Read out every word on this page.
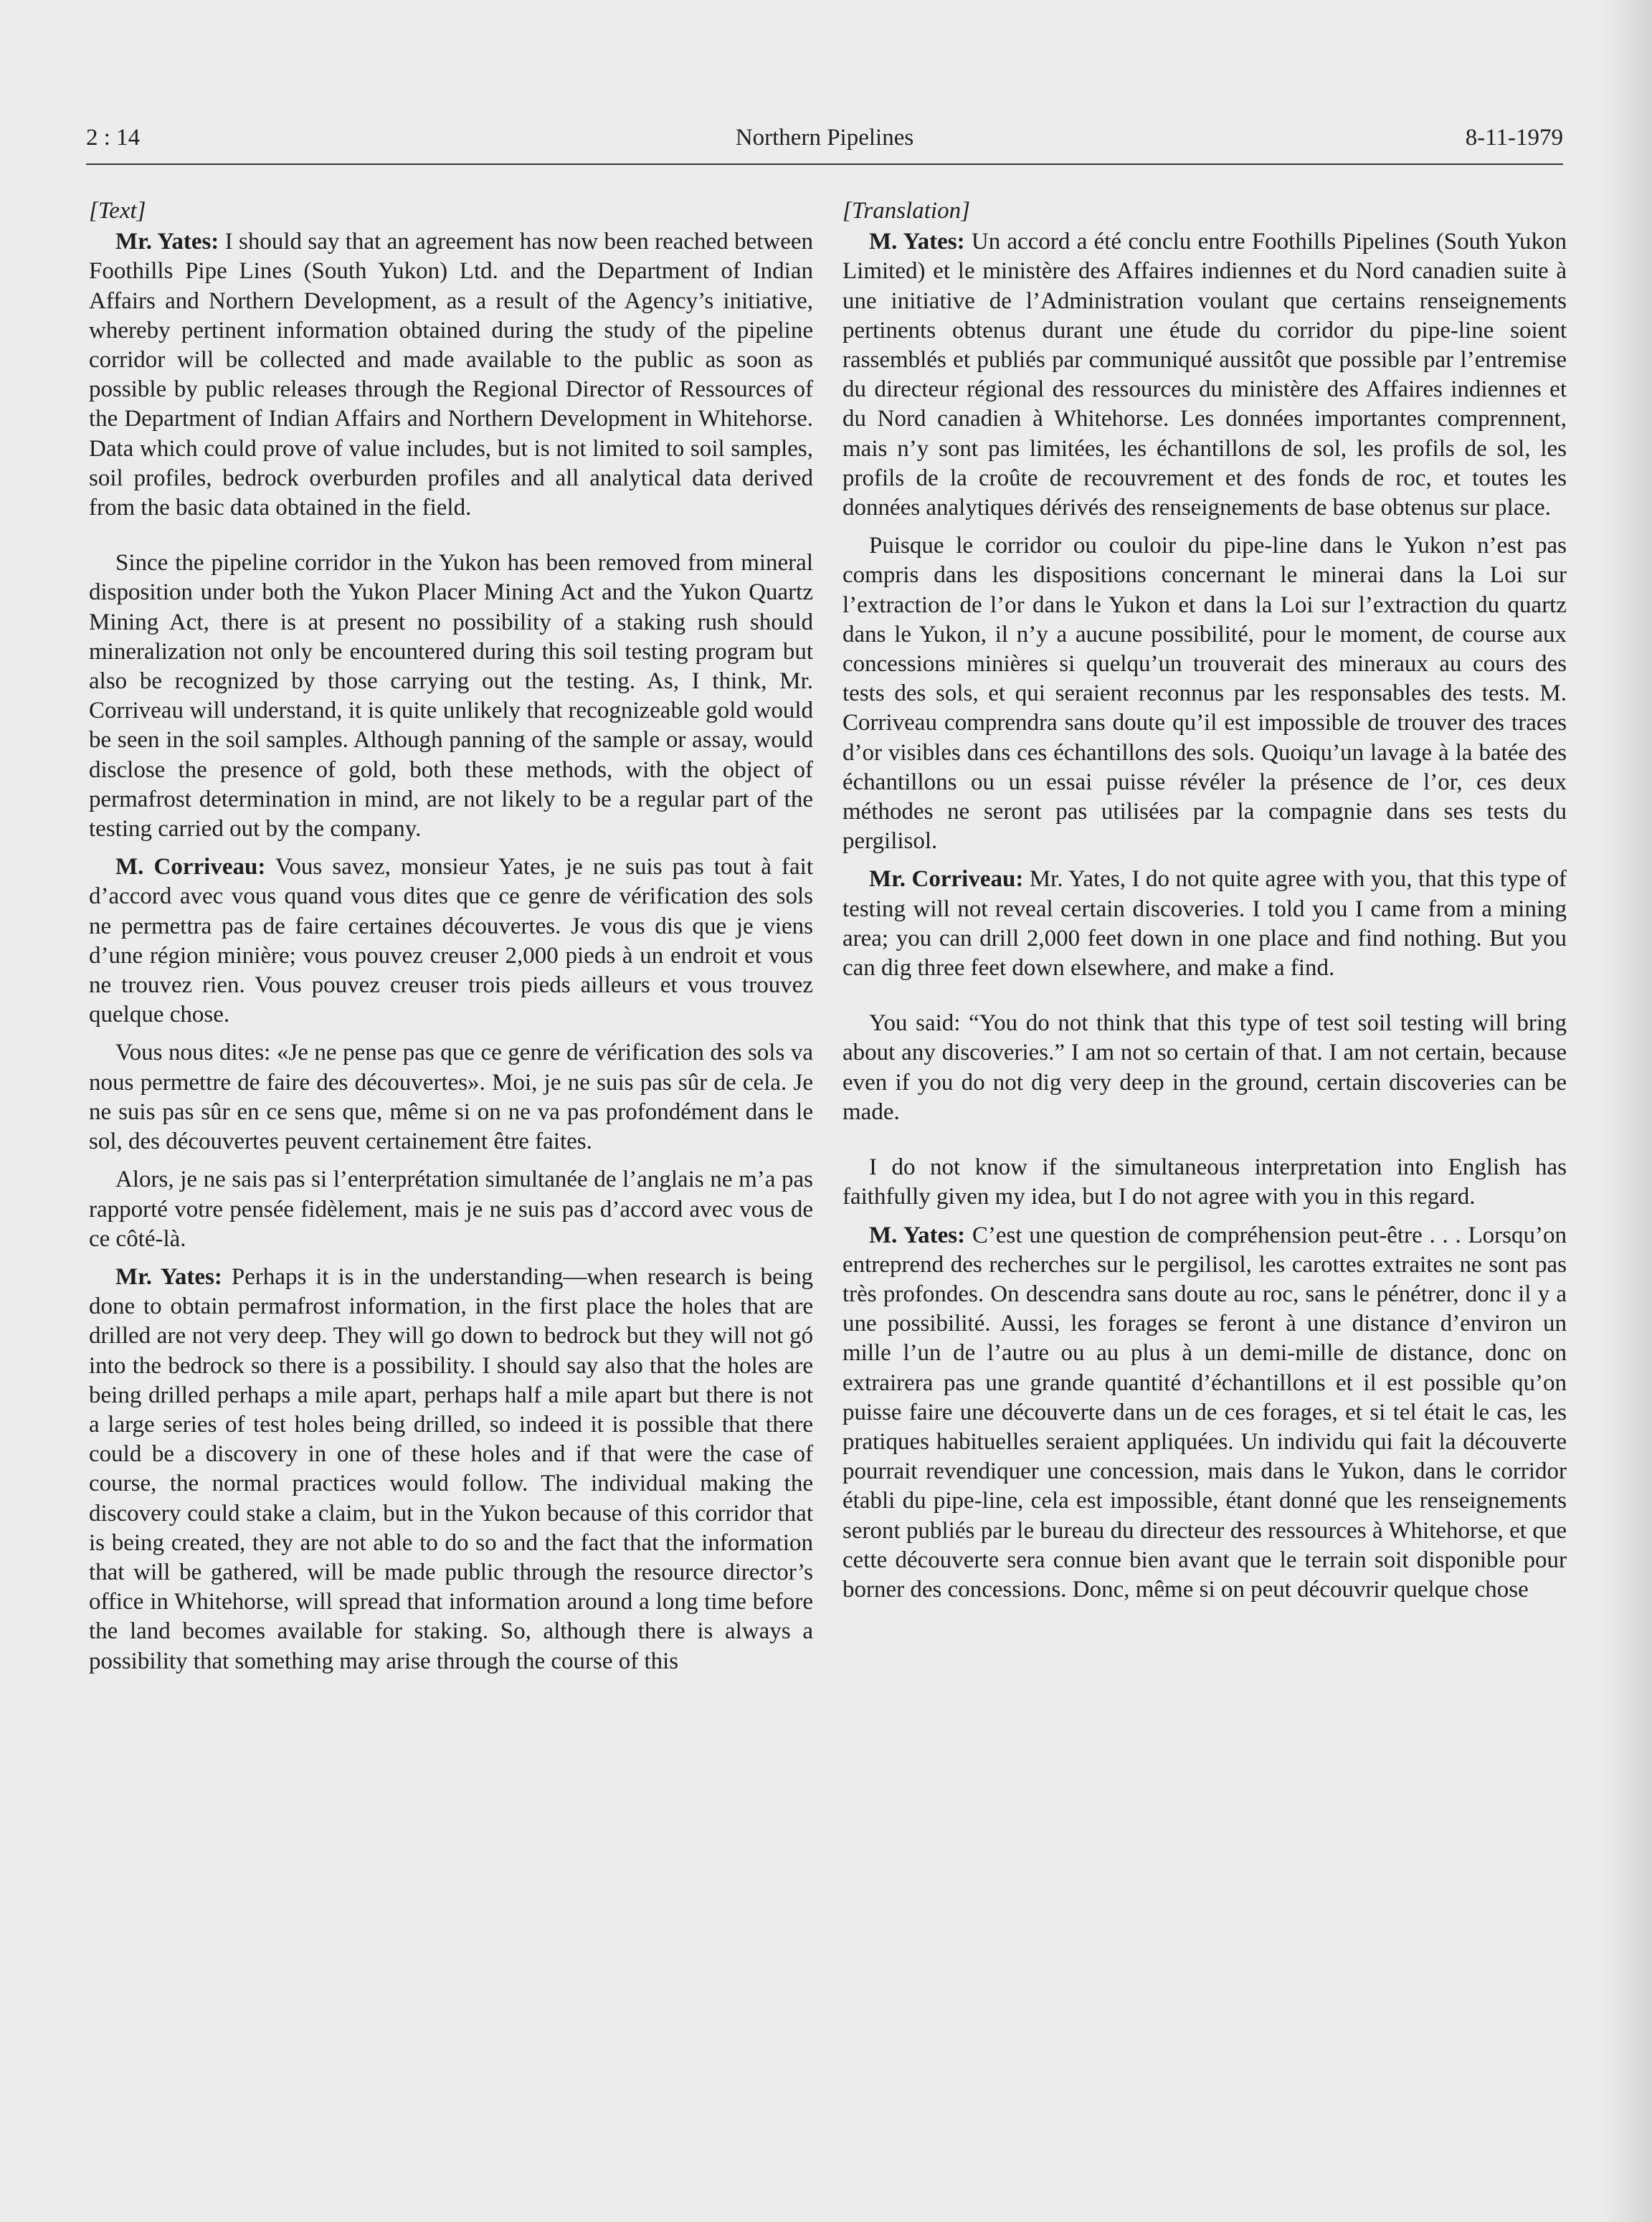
2 : 14	Northern Pipelines	8-11-1979

[Text]

Mr. Yates: I should say that an agreement has now been reached between Foothills Pipe Lines (South Yukon) Ltd. and the Department of Indian Affairs and Northern Development, as a result of the Agency’s initiative, whereby pertinent information obtained during the study of the pipeline corridor will be collected and made available to the public as soon as possible by public releases through the Regional Director of Ressources of the Department of Indian Affairs and Northern Development in Whitehorse. Data which could prove of value includes, but is not limited to soil samples, soil profiles, bedrock overburden profiles and all analytical data derived from the basic data obtained in the field.

Since the pipeline corridor in the Yukon has been removed from mineral disposition under both the Yukon Placer Mining Act and the Yukon Quartz Mining Act, there is at present no possibility of a staking rush should mineralization not only be encountered during this soil testing program but also be recognized by those carrying out the testing. As, I think, Mr. Corriveau will understand, it is quite unlikely that recognizeable gold would be seen in the soil samples. Although panning of the sample or assay, would disclose the presence of gold, both these methods, with the object of permafrost determination in mind, are not likely to be a regular part of the testing carried out by the company.

M. Corriveau: Vous savez, monsieur Yates, je ne suis pas tout à fait d’accord avec vous quand vous dites que ce genre de vérification des sols ne permettra pas de faire certaines découvertes. Je vous dis que je viens d’une région minière; vous pouvez creuser 2,000 pieds à un endroit et vous ne trouvez rien. Vous pouvez creuser trois pieds ailleurs et vous trouvez quelque chose.

Vous nous dites: «Je ne pense pas que ce genre de vérification des sols va nous permettre de faire des découvertes». Moi, je ne suis pas sûr de cela. Je ne suis pas sûr en ce sens que, même si on ne va pas profondément dans le sol, des découvertes peuvent certainement être faites.

Alors, je ne sais pas si l’enterprétation simultanée de l’anglais ne m’a pas rapporté votre pensée fidèlement, mais je ne suis pas d’accord avec vous de ce côté-là.

Mr. Yates: Perhaps it is in the understanding—when research is being done to obtain permafrost information, in the first place the holes that are drilled are not very deep. They will go down to bedrock but they will not gó into the bedrock so there is a possibility. I should say also that the holes are being drilled perhaps a mile apart, perhaps half a mile apart but there is not a large series of test holes being drilled, so indeed it is possible that there could be a discovery in one of these holes and if that were the case of course, the normal practices would follow. The individual making the discovery could stake a claim, but in the Yukon because of this corridor that is being created, they are not able to do so and the fact that the information that will be gathered, will be made public through the resource director’s office in Whitehorse, will spread that information around a long time before the land becomes available for staking. So, although there is always a possibility that something may arise through the course of this

[Translation]

M. Yates: Un accord a été conclu entre Foothills Pipelines (South Yukon Limited) et le ministère des Affaires indiennes et du Nord canadien suite à une initiative de l’Administration voulant que certains renseignements pertinents obtenus durant une étude du corridor du pipe-line soient rassemblés et publiés par communiqué aussitôt que possible par l’entremise du directeur régional des ressources du ministère des Affaires indiennes et du Nord canadien à Whitehorse. Les données importantes comprennent, mais n’y sont pas limitées, les échantillons de sol, les profils de sol, les profils de la croûte de recouvrement et des fonds de roc, et toutes les données analytiques dérivés des renseignements de base obtenus sur place.

Puisque le corridor ou couloir du pipe-line dans le Yukon n’est pas compris dans les dispositions concernant le minerai dans la Loi sur l’extraction de l’or dans le Yukon et dans la Loi sur l’extraction du quartz dans le Yukon, il n’y a aucune possibilité, pour le moment, de course aux concessions minières si quelqu’un trouverait des mineraux au cours des tests des sols, et qui seraient reconnus par les responsables des tests. M. Corriveau comprendra sans doute qu’il est impossible de trouver des traces d’or visibles dans ces échantillons des sols. Quoiqu’un lavage à la batée des échantillons ou un essai puisse révéler la présence de l’or, ces deux méthodes ne seront pas utilisées par la compagnie dans ses tests du pergilisol.

Mr. Corriveau: Mr. Yates, I do not quite agree with you, that this type of testing will not reveal certain discoveries. I told you I came from a mining area; you can drill 2,000 feet down in one place and find nothing. But you can dig three feet down elsewhere, and make a find.

You said: “You do not think that this type of test soil testing will bring about any discoveries.” I am not so certain of that. I am not certain, because even if you do not dig very deep in the ground, certain discoveries can be made.

I do not know if the simultaneous interpretation into English has faithfully given my idea, but I do not agree with you in this regard.

M. Yates: C’est une question de compréhension peut-être . . . Lorsqu’on entreprend des recherches sur le pergilisol, les carottes extraites ne sont pas très profondes. On descendra sans doute au roc, sans le pénétrer, donc il y a une possibilité. Aussi, les forages se feront à une distance d’environ un mille l’un de l’autre ou au plus à un demi-mille de distance, donc on extrairera pas une grande quantité d’échantillons et il est possible qu’on puisse faire une découverte dans un de ces forages, et si tel était le cas, les pratiques habituelles seraient appliquées. Un individu qui fait la découverte pourrait revendiquer une concession, mais dans le Yukon, dans le corridor établi du pipe-line, cela est impossible, étant donné que les renseignements seront publiés par le bureau du directeur des ressources à Whitehorse, et que cette découverte sera connue bien avant que le terrain soit disponible pour borner des concessions. Donc, même si on peut découvrir quelque chose
